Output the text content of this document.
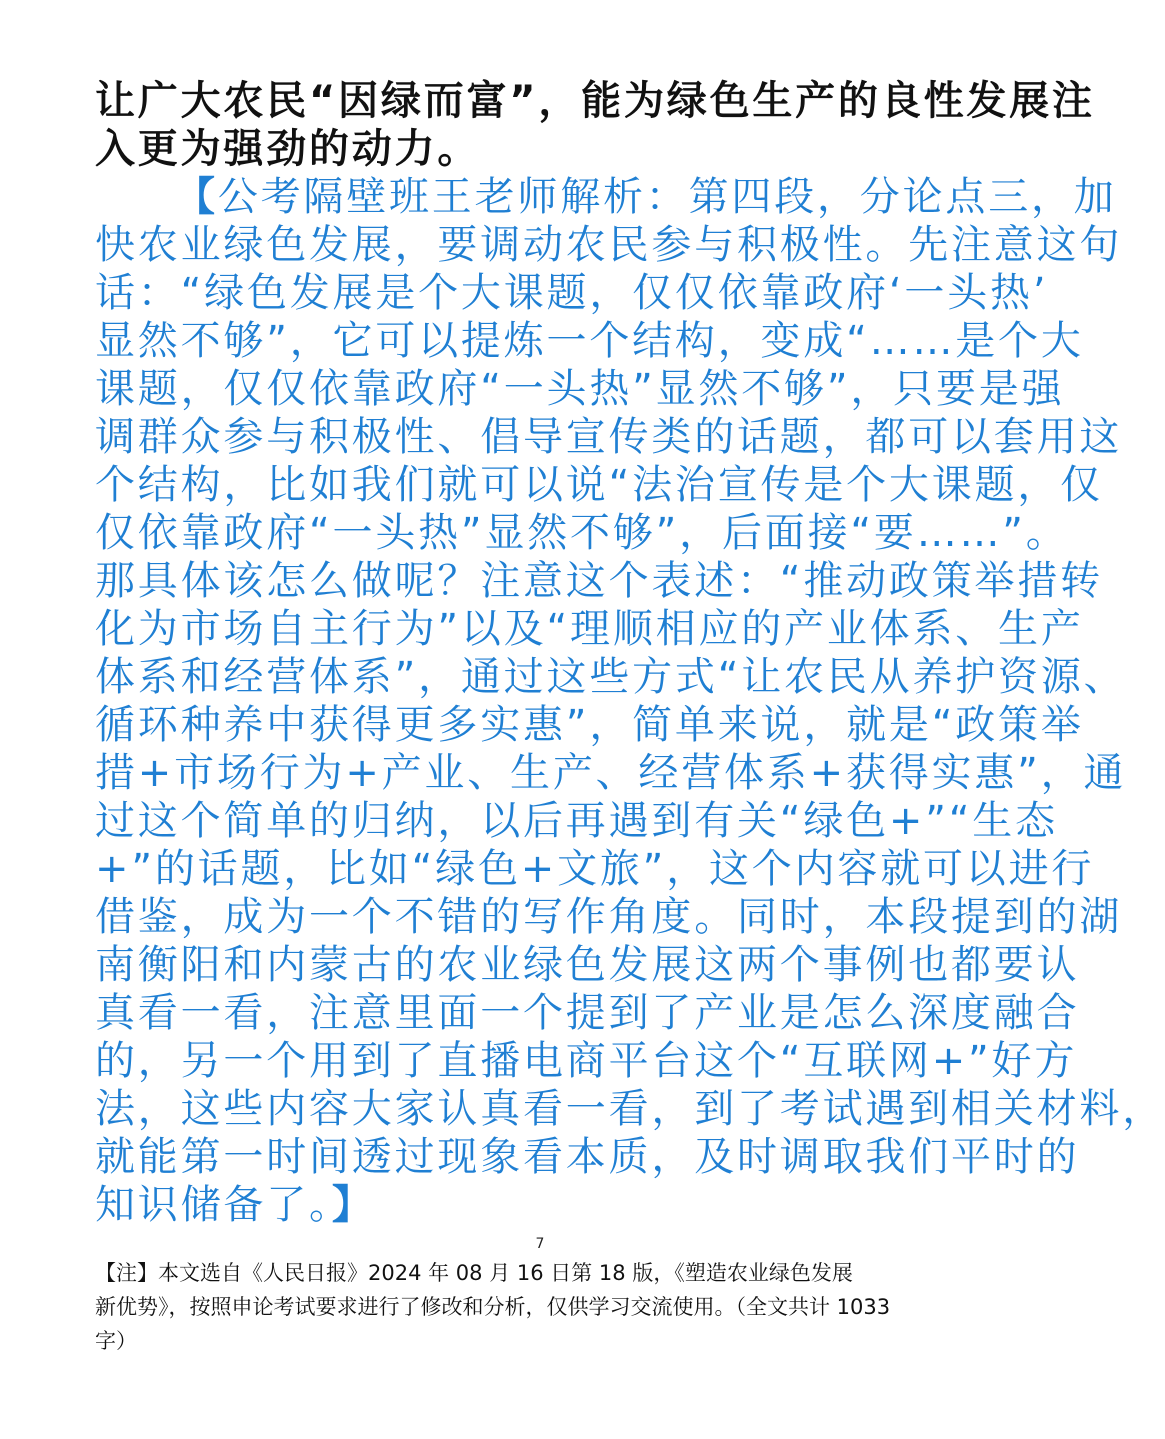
让广大农民“因绿而富”，能为绿色生产的良性发展注
入更为强劲的动力。
【公考隔壁班王老师解析：第四段，分论点三，加
快农业绿色发展，要调动农民参与积极性。先注意这句
话：“绿色发展是个大课题，仅仅依靠政府‘一头热’
显然不够”，它可以提炼一个结构，变成“……是个大
课题，仅仅依靠政府“一头热”显然不够”，只要是强
调群众参与积极性、倡导宣传类的话题，都可以套用这
个结构，比如我们就可以说“法治宣传是个大课题，仅
仅依靠政府“一头热”显然不够”，后面接“要……”。
那具体该怎么做呢？注意这个表述：“推动政策举措转
化为市场自主行为”以及“理顺相应的产业体系、生产
体系和经营体系”，通过这些方式“让农民从养护资源、
循环种养中获得更多实惠”，简单来说，就是“政策举
措+市场行为+产业、生产、经营体系+获得实惠”，通
过这个简单的归纳，以后再遇到有关“绿色+”“生态
+”的话题，比如“绿色+文旅”，这个内容就可以进行
借鉴，成为一个不错的写作角度。同时，本段提到的湖
南衡阳和内蒙古的农业绿色发展这两个事例也都要认
真看一看，注意里面一个提到了产业是怎么深度融合
的，另一个用到了直播电商平台这个“互联网+”好方
法，这些内容大家认真看一看，到了考试遇到相关材料，
就能第一时间透过现象看本质，及时调取我们平时的
知识储备了。】
7
【注】本文选自《人民日报》2024 年 08 月 16 日第 18 版，《塑造农业绿色发展
新优势》，按照申论考试要求进行了修改和分析，仅供学习交流使用。（全文共计 1033
字）
